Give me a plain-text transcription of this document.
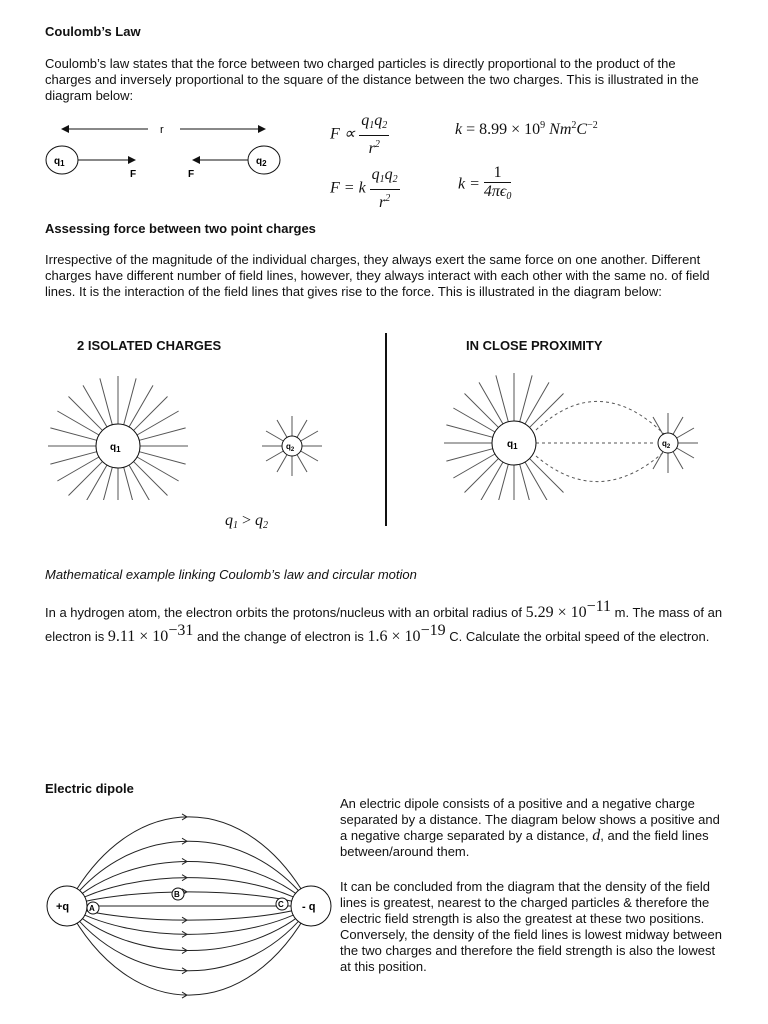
Coulomb’s Law
Coulomb’s law states that the force between two charged particles is directly proportional to the product of the charges and inversely proportional to the square of the distance between the two charges. This is illustrated in the diagram below:
r
$q_1$
F
$q_2$
F
$F \propto \frac{q_1q_2}{r^2}$	$k = 8.99 \times 10^9$ $Nm^2C^{-2}$
F = k $\frac{q_1q_2}{r^2}$	$k = \frac{1}{4\pi\epsilon_0}$
Assessing force between two point charges
Irrespective of the magnitude of the individual charges, they always exert the same force on one another. Different charges have different number of field lines, however, they always interact with each other with the same no. of field lines. It is the interaction of the field lines that gives rise to the force. This is illustrated in the diagram below:
2 ISOLATED CHARGES	IN CLOSE PROXIMITY
$q_1$	$q_2$
$q_1 > q_2$
$q_1$	$q_2$
Mathematical example linking Coulomb’s law and circular motion
In a hydrogen atom, the electron orbits the protons/nucleus with an orbital radius of 5.29 × 10−11 m. The mass of an electron is 9.11 × 10−31 and the change of electron is 1.6 × 10−19 C. Calculate the orbital speed of the electron.
Electric dipole
+q	- q
A
B
C
An electric dipole consists of a positive and a negative charge separated by a distance. The diagram below shows a positive and a negative charge separated by a distance, d, and the field lines between/around them.
It can be concluded from the diagram that the density of the field lines is greatest, nearest to the charged particles & therefore the electric field strength is also the greatest at these two positions. Conversely, the density of the field lines is lowest midway between the two charges and therefore the field strength is also the lowest at this position.
